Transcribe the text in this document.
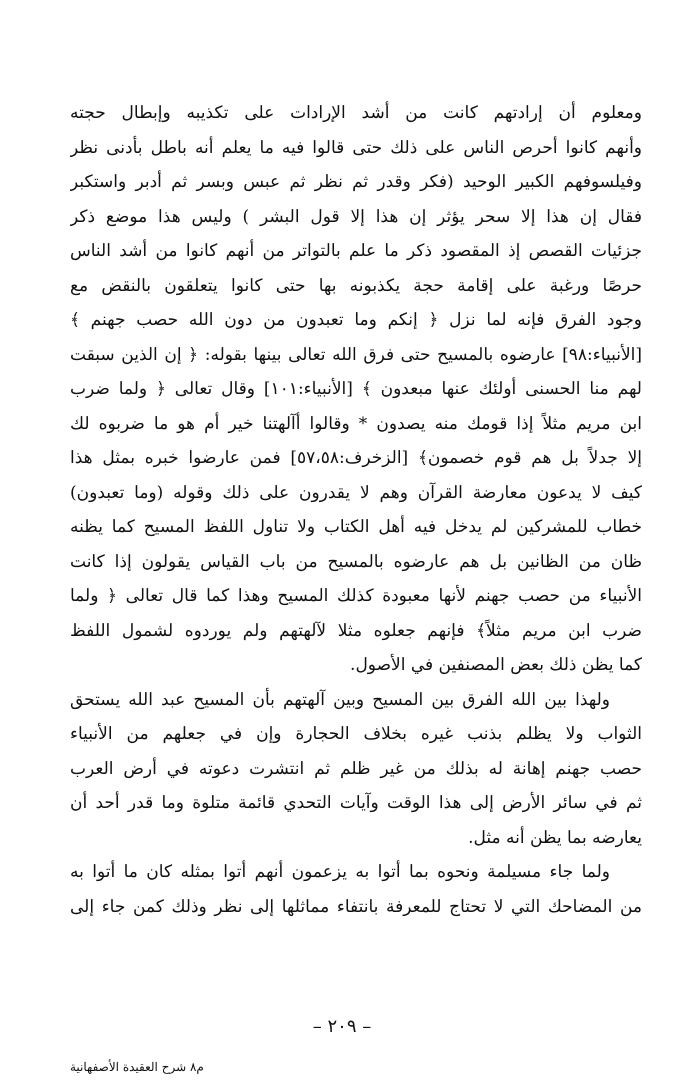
ومعلوم أن إرادتهم كانت من أشد الإرادات على تكذيبه وإبطال حجته
وأنهم كانوا أحرص الناس على ذلك حتى قالوا فيه ما يعلم أنه باطل بأدنى نظر
وفيلسوفهم الكبير الوحيد (فكر وقدر ثم نظر ثم عبس وبسر ثم أدبر واستكبر
فقال إن هذا إلا سحر يؤثر إن هذا إلا قول البشر ) وليس هذا موضع ذكر
جزئيات القصص إذ المقصود ذكر ما علم بالتواتر من أنهم كانوا من أشد الناس
حرصًا ورغبة على إقامة حجة يكذبونه بها حتى كانوا يتعلقون بالنقض مع
وجود الفرق فإنه لما نزل ﴿ إنكم وما تعبدون من دون الله حصب جهنم ﴾
[الأنبياء:٩٨] عارضوه بالمسيح حتى فرق الله تعالى بينها بقوله: ﴿ إن الذين سبقت
لهم منا الحسنى أولئك عنها مبعدون ﴾ [الأنبياء:١٠١] وقال تعالى ﴿ ولما ضرب
ابن مريم مثلاً إذا قومك منه يصدون * وقالوا أآلهتنا خير أم هو ما ضربوه لك
إلا جدلاً بل هم قوم خصمون﴾ [الزخرف:٥٧،٥٨] فمن عارضوا خبره بمثل هذا
كيف لا يدعون معارضة القرآن وهم لا يقدرون على ذلك وقوله (وما تعبدون)
خطاب للمشركين لم يدخل فيه أهل الكتاب ولا تناول اللفظ المسيح كما يظنه
ظان من الظانين بل هم عارضوه بالمسيح من باب القياس يقولون إذا كانت
الأنبياء من حصب جهنم لأنها معبودة كذلك المسيح وهذا كما قال تعالى ﴿ ولما
ضرب ابن مريم مثلاً﴾ فإنهم جعلوه مثلا لآلهتهم ولم يوردوه لشمول اللفظ
كما يظن ذلك بعض المصنفين في الأصول.
ولهذا بين الله الفرق بين المسيح وبين آلهتهم بأن المسيح عبد الله يستحق
الثواب ولا يظلم بذنب غيره بخلاف الحجارة وإن في جعلهم من الأنبياء
حصب جهنم إهانة له بذلك من غير ظلم ثم انتشرت دعوته في أرض العرب
ثم في سائر الأرض إلى هذا الوقت وآيات التحدي قائمة متلوة وما قدر أحد أن
يعارضه بما يظن أنه مثل.
ولما جاء مسيلمة ونحوه بما أتوا به يزعمون أنهم أتوا بمثله كان ما أتوا به
من المضاحك التي لا تحتاج للمعرفة بانتفاء مماثلها إلى نظر وذلك كمن جاء إلى
– ٢٠٩ –
م٨ شرح العقيدة الأصفهانية
